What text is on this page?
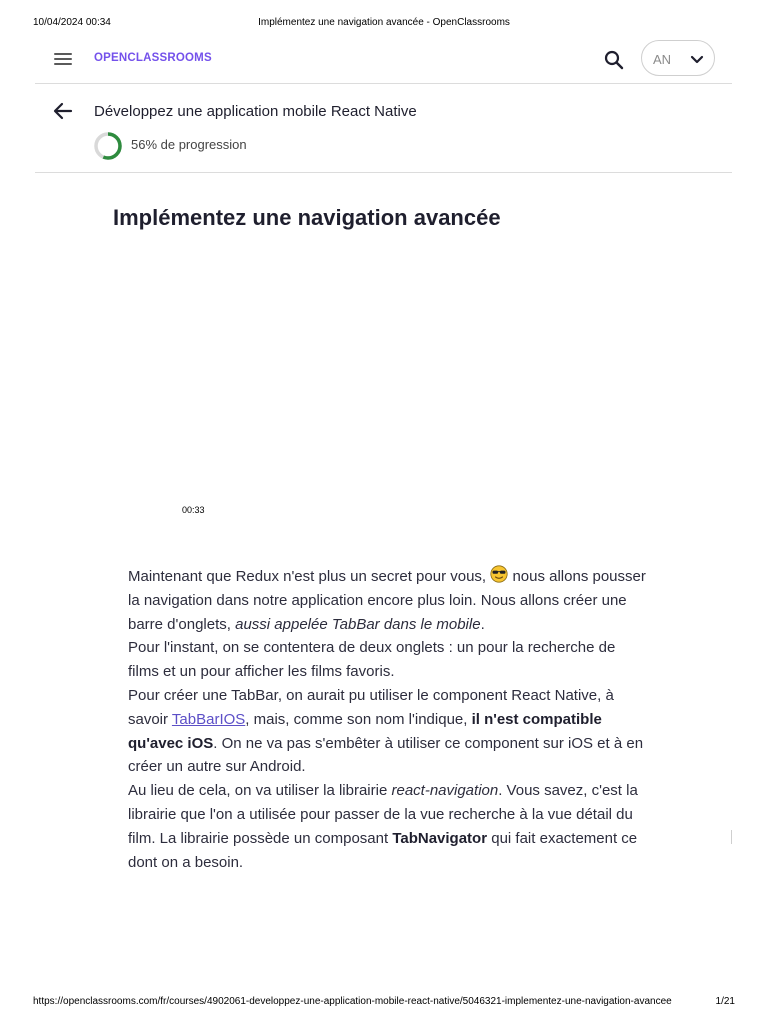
10/04/2024 00:34	Implémentez une navigation avancée - OpenClassrooms
OPENCLASSROOMS	AN
Développez une application mobile React Native
56% de progression
Implémentez une navigation avancée
00:33

Maintenant que Redux n'est plus un secret pour vous, nous allons pousser la navigation dans notre application encore plus loin. Nous allons créer une barre d'onglets, aussi appelée TabBar dans le mobile.

Pour l'instant, on se contentera de deux onglets : un pour la recherche de films et un pour afficher les films favoris.

Pour créer une TabBar, on aurait pu utiliser le component React Native, à savoir TabBarIOS, mais, comme son nom l'indique, il n'est compatible qu'avec iOS. On ne va pas s'embêter à utiliser ce component sur iOS et à en créer un autre sur Android.

Au lieu de cela, on va utiliser la librairie react-navigation. Vous savez, c'est la librairie que l'on a utilisée pour passer de la vue recherche à la vue détail du film. La librairie possède un composant TabNavigator qui fait exactement ce dont on a besoin.

https://openclassrooms.com/fr/courses/4902061-developpez-une-application-mobile-react-native/5046321-implementez-une-navigation-avancee	1/21
